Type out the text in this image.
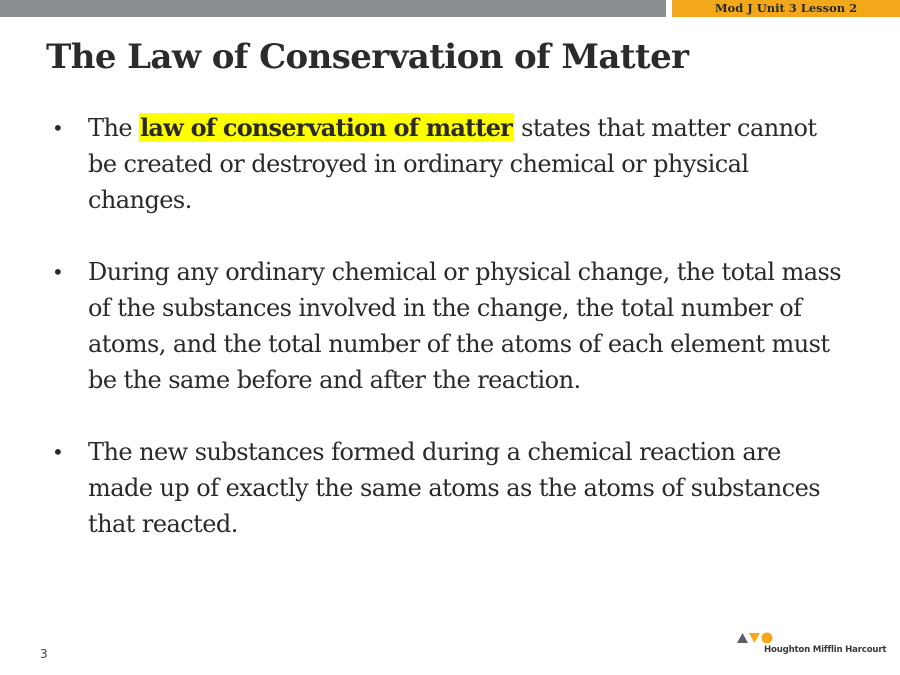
Mod J Unit 3 Lesson 2
The Law of Conservation of Matter
• The law of conservation of matter states that matter cannot be created or destroyed in ordinary chemical or physical changes.
• During any ordinary chemical or physical change, the total mass of the substances involved in the change, the total number of atoms, and the total number of the atoms of each element must be the same before and after the reaction.
• The new substances formed during a chemical reaction are made up of exactly the same atoms as the atoms of substances that reacted.
3	Houghton Mifflin Harcourt
